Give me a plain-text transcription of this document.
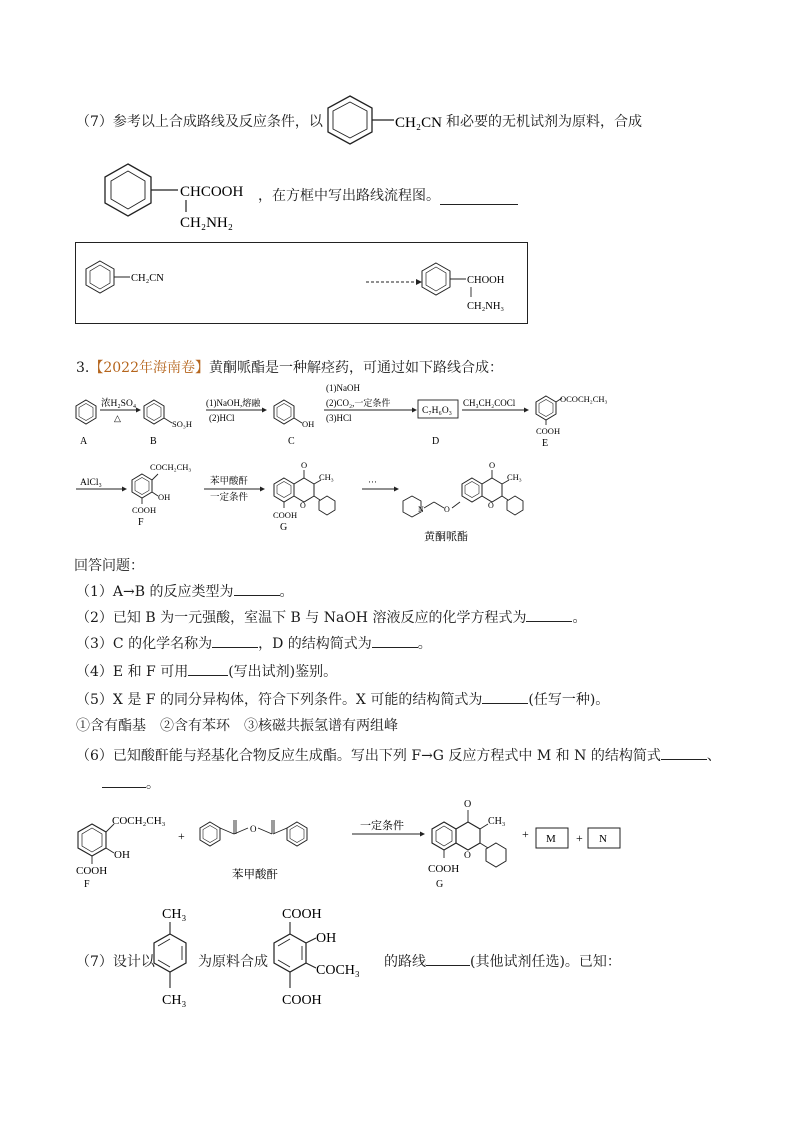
（7）参考以上合成路线及反应条件，以	CH₂CN 和必要的无机试剂为原料，合成
CHCOOH
CH₂NH₂
，在方框中写出路线流程图。
CH₂CN	CHOOH
CH₂NH₃
3.【2022年海南卷】黄酮哌酯是一种解痉药，可通过如下路线合成：
A
浓H₂SO₄
△
SO₃H
B
(1)NaOH,熔融
(2)HCl
OH
C
(1)NaOH
(2)CO₂,一定条件
(3)HCl
C₇H₆O₃
D
CH₃CH₂COCl	OCOCH₂CH₃
COOH
E
AlCl₃
COCH₂CH₃
OH
COOH
F
苯甲酸酐
一定条件
O
CH₃
O
COOH
G
···
N	O
O
CH₃
O
黄酮哌酯
回答问题：
（1）A→B 的反应类型为	。
（2）已知 B 为一元强酸，室温下 B 与 NaOH 溶液反应的化学方程式为	。
（3）C 的化学名称为	，D 的结构简式为	。
（4）E 和 F 可用	(写出试剂)鉴别。
（5）X 是 F 的同分异构体，符合下列条件。X 可能的结构简式为	(任写一种)。
①含有酯基　②含有苯环　③核磁共振氢谱有两组峰
（6）已知酸酐能与羟基化合物反应生成酯。写出下列 F→G 反应方程式中 M 和 N 的结构简式	、
。
COCH₂CH₃
OH
COOH
F
+	O
苯甲酸酐
一定条件
O
CH₃
O
COOH
G
+ M + N
（7）设计以
CH₃
CH₃
为原料合成
COOH
OH
COCH₃
COOH
的路线	(其他试剂任选)。已知：
